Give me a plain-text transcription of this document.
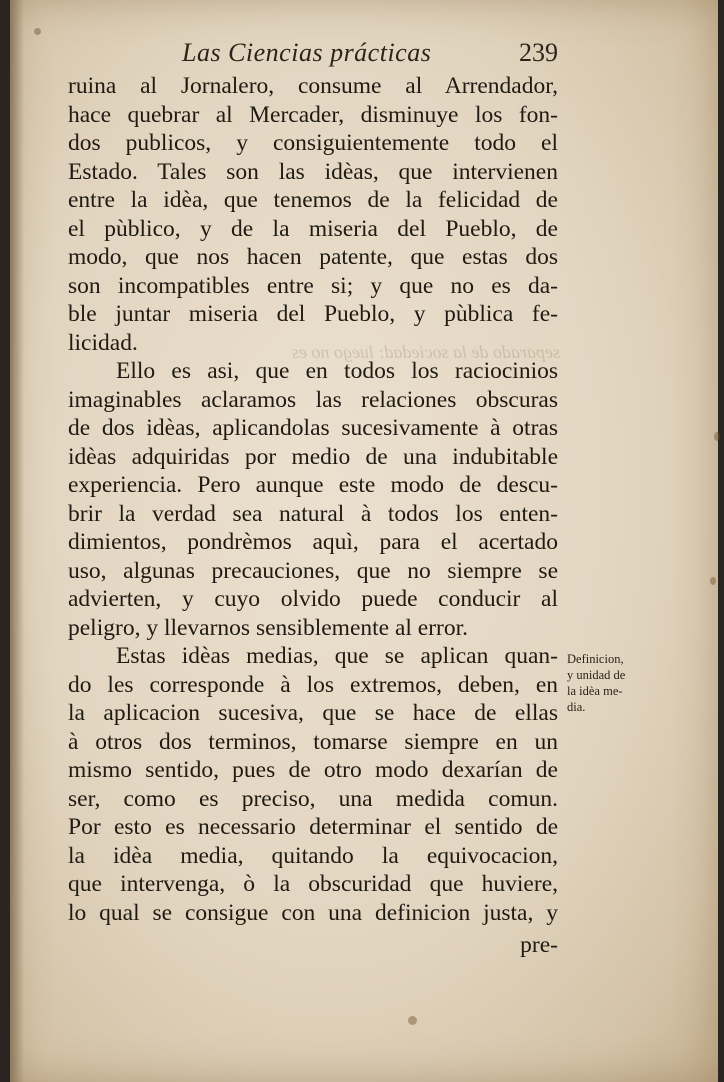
separado de la sociedad: luego no es
Las Ciencias prácticas	239
ruina al Jornalero, consume al Arrendador,
hace quebrar al Mercader, disminuye los fon-
dos publicos, y consiguientemente todo el
Estado. Tales son las idèas, que intervienen
entre la idèa, que tenemos de la felicidad de
el pùblico, y de la miseria del Pueblo, de
modo, que nos hacen patente, que estas dos
son incompatibles entre si; y que no es da-
ble juntar miseria del Pueblo, y pùblica fe-
licidad.
Ello es asi, que en todos los raciocinios
imaginables aclaramos las relaciones obscuras
de dos idèas, aplicandolas sucesivamente à otras
idèas adquiridas por medio de una indubitable
experiencia. Pero aunque este modo de descu-
brir la verdad sea natural à todos los enten-
dimientos, pondrèmos aquì, para el acertado
uso, algunas precauciones, que no siempre se
advierten, y cuyo olvido puede conducir al
peligro, y llevarnos sensiblemente al error.
Estas idèas medias, que se aplican quan-
do les corresponde à los extremos, deben, en
la aplicacion sucesiva, que se hace de ellas
à otros dos terminos, tomarse siempre en un
mismo sentido, pues de otro modo dexarían de
ser, como es preciso, una medida comun.
Por esto es necessario determinar el sentido de
la idèa media, quitando la equivocacion,
que intervenga, ò la obscuridad que huviere,
lo qual se consigue con una definicion justa, y
pre-
Definicion,
y unidad de
la idèa me-
dia.
